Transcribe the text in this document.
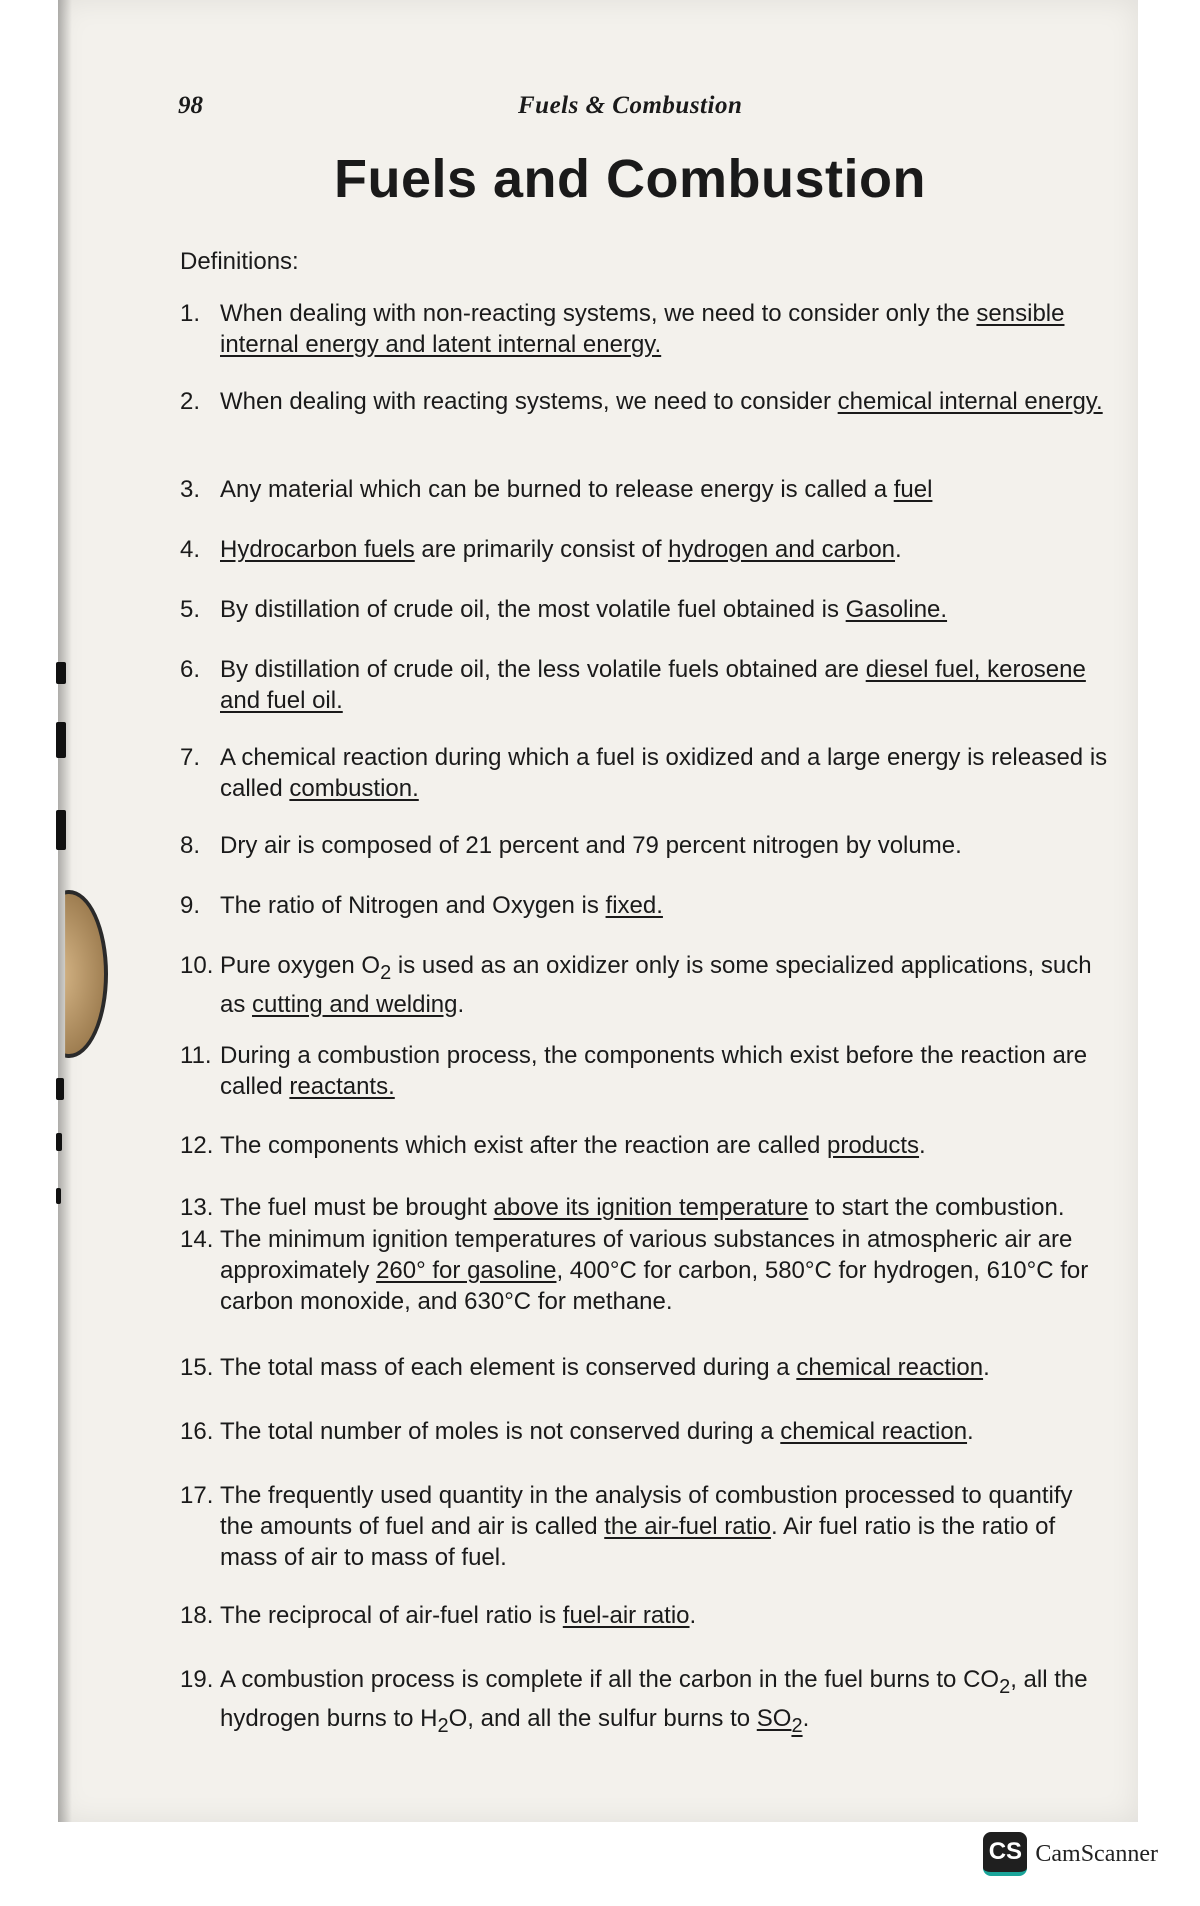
98	Fuels & Combustion
Fuels and Combustion
Definitions:
1. When dealing with non-reacting systems, we need to consider only the sensible internal energy and latent internal energy.
2. When dealing with reacting systems, we need to consider chemical internal energy.
3. Any material which can be burned to release energy is called a fuel
4. Hydrocarbon fuels are primarily consist of hydrogen and carbon.
5. By distillation of crude oil, the most volatile fuel obtained is Gasoline.
6. By distillation of crude oil, the less volatile fuels obtained are diesel fuel, kerosene and fuel oil.
7. A chemical reaction during which a fuel is oxidized and a large energy is released is called combustion.
8. Dry air is composed of 21 percent and 79 percent nitrogen by volume.
9. The ratio of Nitrogen and Oxygen is fixed.
10. Pure oxygen $O_2$ is used as an oxidizer only is some specialized applications, such as cutting and welding.
11. During a combustion process, the components which exist before the reaction are called reactants.
12. The components which exist after the reaction are called products.
13. The fuel must be brought above its ignition temperature to start the combustion.
14. The minimum ignition temperatures of various substances in atmospheric air are approximately 260° for gasoline, 400°C for carbon, 580°C for hydrogen, 610°C for carbon monoxide, and 630°C for methane.
15. The total mass of each element is conserved during a chemical reaction.
16. The total number of moles is not conserved during a chemical reaction.
17. The frequently used quantity in the analysis of combustion processed to quantify the amounts of fuel and air is called the air-fuel ratio. Air fuel ratio is the ratio of mass of air to mass of fuel.
18. The reciprocal of air-fuel ratio is fuel-air ratio.
19. A combustion process is complete if all the carbon in the fuel burns to $CO_2$, all the hydrogen burns to $H_2O$, and all the sulfur burns to $SO_2$.
CS CamScanner
